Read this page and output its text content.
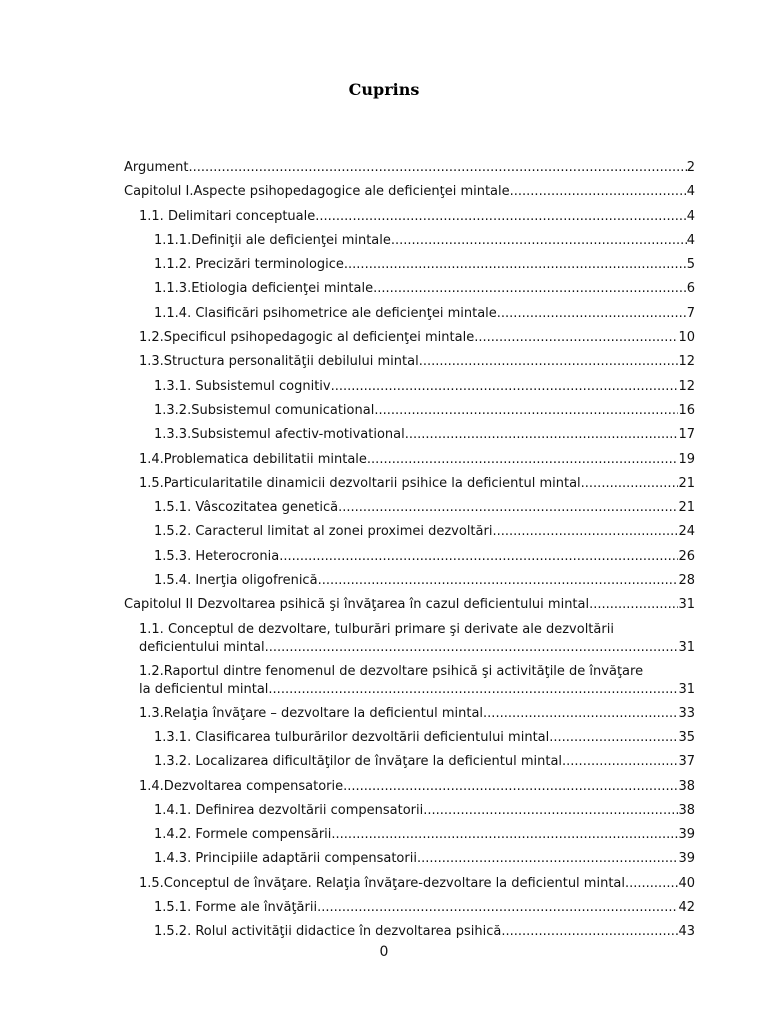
Cuprins
Argument .....	2
Capitolul I.Aspecte psihopedagogice ale deficienţei mintale .....	4
1.1. Delimitari conceptuale .....	4
1.1.1.Definiţii ale deficienţei mintale .....	4
1.1.2. Precizări terminologice .....	5
1.1.3.Etiologia deficienţei mintale .....	6
1.1.4. Clasificări psihometrice ale deficienţei mintale .....	7
1.2.Specificul psihopedagogic al deficienţei mintale .....	10
1.3.Structura personalităţii debilului mintal .....	12
1.3.1. Subsistemul cognitiv .....	12
1.3.2.Subsistemul comunicational .....	16
1.3.3.Subsistemul afectiv-motivational .....	17
1.4.Problematica debilitatii mintale .....	19
1.5.Particularitatile dinamicii dezvoltarii psihice la deficientul mintal .....	21
1.5.1. Vâscozitatea genetică .....	21
1.5.2. Caracterul limitat al zonei proximei dezvoltări .....	24
1.5.3. Heterocronia .....	26
1.5.4. Inerţia oligofrenică .....	28
Capitolul II Dezvoltarea psihică şi învăţarea în cazul deficientului mintal .....	31
1.1. Conceptul de dezvoltare, tulburări primare şi derivate ale dezvoltării
deficientului mintal .....	31
1.2.Raportul dintre fenomenul de dezvoltare psihică şi activităţile de învăţare
la deficientul mintal .....	31
1.3.Relaţia învăţare – dezvoltare la deficientul mintal .....	33
1.3.1. Clasificarea tulburărilor dezvoltării deficientului mintal .....	35
1.3.2. Localizarea dificultăţilor de învăţare la deficientul mintal .....	37
1.4.Dezvoltarea compensatorie .....	38
1.4.1. Definirea dezvoltării compensatorii .....	38
1.4.2. Formele compensării .....	39
1.4.3. Principiile adaptării compensatorii .....	39
1.5.Conceptul de învăţare. Relaţia învăţare-dezvoltare la deficientul mintal .....	40
1.5.1. Forme ale învăţării .....	42
1.5.2. Rolul activităţii didactice în dezvoltarea psihică .....	43
0
